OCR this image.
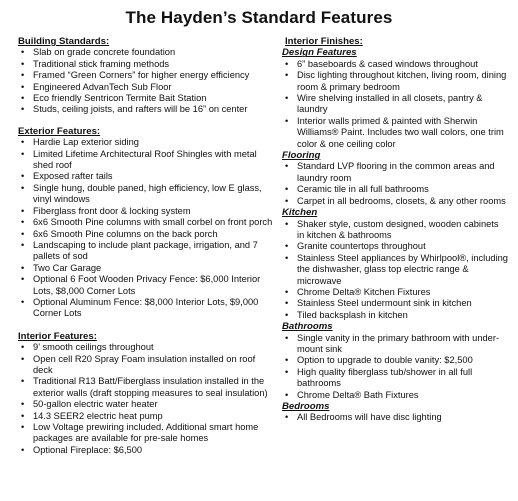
The Hayden’s Standard Features

Building Standards:

• Slab on grade concrete foundation
• Traditional stick framing methods
• Framed “Green Corners” for higher energy efficiency
• Engineered AdvanTech Sub Floor
• Eco friendly Sentricon Termite Bait Station
• Studs, ceiling joists, and rafters will be 16” on center

Exterior Features:

• Hardie Lap exterior siding
• Limited Lifetime Architectural Roof Shingles with metal shed roof
• Exposed rafter tails
• Single hung, double paned, high efficiency, low E glass, vinyl windows
• Fiberglass front door & locking system
• 6x6 Smooth Pine columns with small corbel on front porch
• 6x6 Smooth Pine columns on the back porch
• Landscaping to include plant package, irrigation, and 7 pallets of sod
• Two Car Garage
• Optional 6 Foot Wooden Privacy Fence: $6,000 Interior Lots, $8,000 Corner Lots
• Optional Aluminum Fence: $8,000 Interior Lots, $9,000 Corner Lots

Interior Features:

• 9’ smooth ceilings throughout
• Open cell R20 Spray Foam insulation installed on roof deck
• Traditional R13 Batt/Fiberglass insulation installed in the exterior walls (draft stopping measures to seal insulation)
• 50-gallon electric water heater
• 14.3 SEER2 electric heat pump
• Low Voltage prewiring included. Additional smart home packages are available for pre-sale homes
• Optional Fireplace: $6,500

Interior Finishes:

Design Features

• 6” baseboards & cased windows throughout
• Disc lighting throughout kitchen, living room, dining room & primary bedroom
• Wire shelving installed in all closets, pantry & laundry
• Interior walls primed & painted with Sherwin Williams® Paint. Includes two wall colors, one trim color & one ceiling color

Flooring

• Standard LVP flooring in the common areas and laundry room
• Ceramic tile in all full bathrooms
• Carpet in all bedrooms, closets, & any other rooms

Kitchen

• Shaker style, custom designed, wooden cabinets in kitchen & bathrooms
• Granite countertops throughout
• Stainless Steel appliances by Whirlpool®, including the dishwasher, glass top electric range & microwave
• Chrome Delta® Kitchen Fixtures
• Stainless Steel undermount sink in kitchen
• Tiled backsplash in kitchen

Bathrooms

• Single vanity in the primary bathroom with under-mount sink
• Option to upgrade to double vanity: $2,500
• High quality fiberglass tub/shower in all full bathrooms
• Chrome Delta® Bath Fixtures

Bedrooms

• All Bedrooms will have disc lighting
